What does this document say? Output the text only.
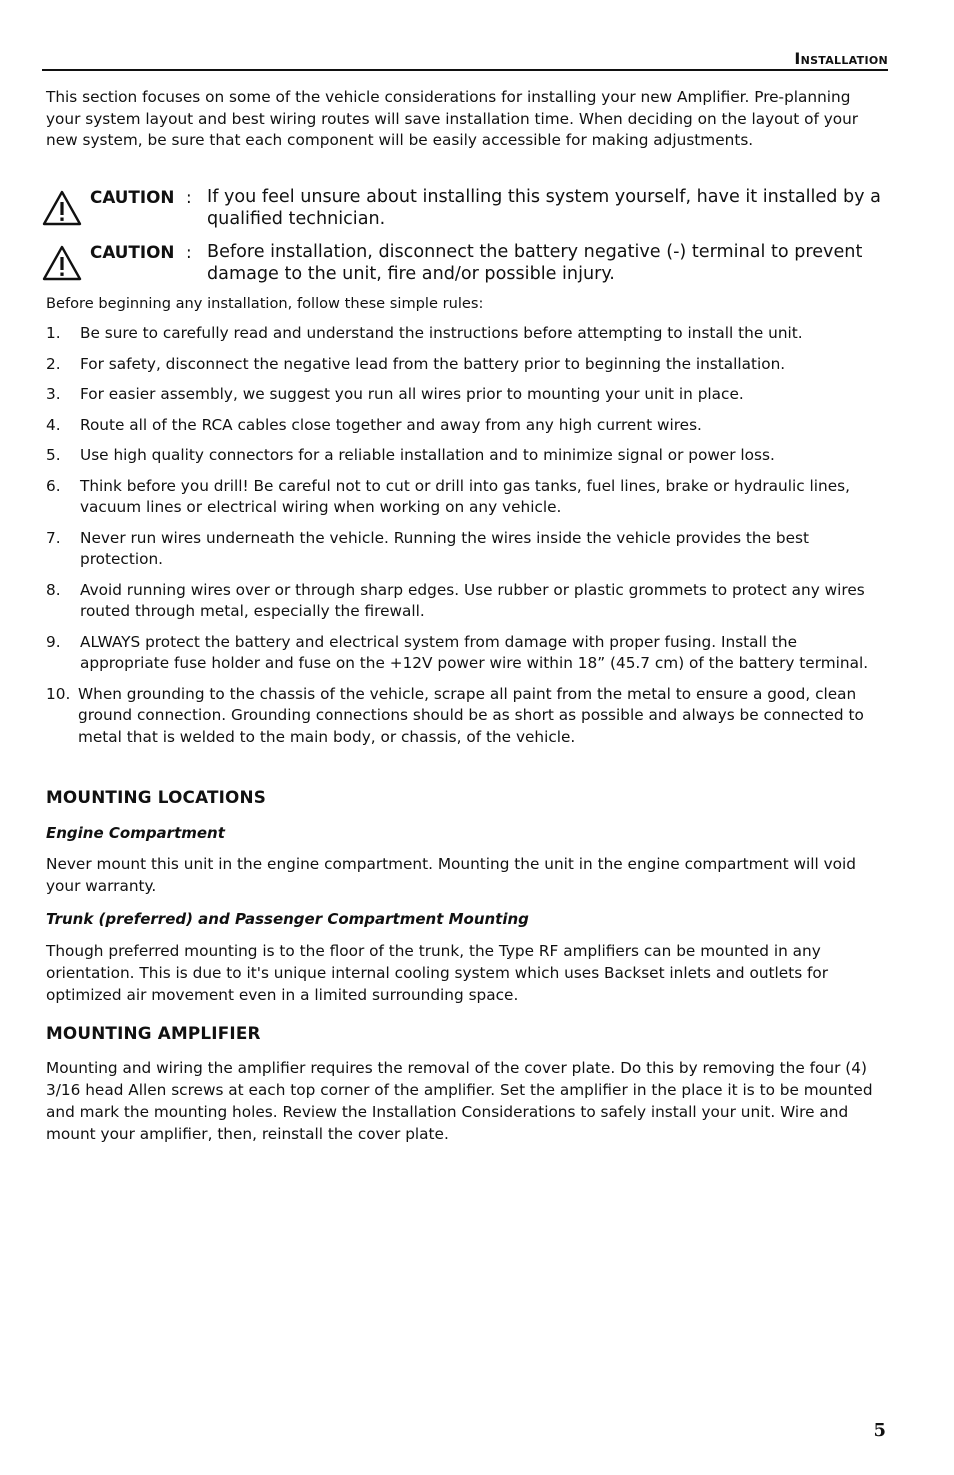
Installation

This section focuses on some of the vehicle considerations for installing your new Amplifier. Pre-planning your system layout and best wiring routes will save installation time. When deciding on the layout of your new system, be sure that each component will be easily accessible for making adjustments.

CAUTION : If you feel unsure about installing this system yourself, have it installed by a qualified technician.

CAUTION : Before installation, disconnect the battery negative (-) terminal to prevent damage to the unit, fire and/or possible injury.

Before beginning any installation, follow these simple rules:

1.	Be sure to carefully read and understand the instructions before attempting to install the unit.
2.	For safety, disconnect the negative lead from the battery prior to beginning the installation.
3.	For easier assembly, we suggest you run all wires prior to mounting your unit in place.
4.	Route all of the RCA cables close together and away from any high current wires.
5.	Use high quality connectors for a reliable installation and to minimize signal or power loss.
6.	Think before you drill! Be careful not to cut or drill into gas tanks, fuel lines, brake or hydraulic lines, vacuum lines or electrical wiring when working on any vehicle.
7.	Never run wires underneath the vehicle. Running the wires inside the vehicle provides the best protection.
8.	Avoid running wires over or through sharp edges. Use rubber or plastic grommets to protect any wires routed through metal, especially the firewall.
9.	ALWAYS protect the battery and electrical system from damage with proper fusing. Install the appropriate fuse holder and fuse on the +12V power wire within 18” (45.7 cm) of the battery terminal.
10. When grounding to the chassis of the vehicle, scrape all paint from the metal to ensure a good, clean ground connection. Grounding connections should be as short as possible and always be connected to metal that is welded to the main body, or chassis, of the vehicle.
MOUNTING LOCATIONS
Engine Compartment

Never mount this unit in the engine compartment. Mounting the unit in the engine compartment will void your warranty.

Trunk (preferred) and Passenger Compartment Mounting

Though preferred mounting is to the floor of the trunk, the Type RF amplifiers can be mounted in any orientation. This is due to it's unique internal cooling system which uses Backset inlets and outlets for optimized air movement even in a limited surrounding space.

MOUNTING AMPLIFIER

Mounting and wiring the amplifier requires the removal of the cover plate. Do this by removing the four (4) 3/16 head Allen screws at each top corner of the amplifier. Set the amplifier in the place it is to be mounted and mark the mounting holes. Review the Installation Considerations to safely install your unit. Wire and mount your amplifier, then, reinstall the cover plate.

5
